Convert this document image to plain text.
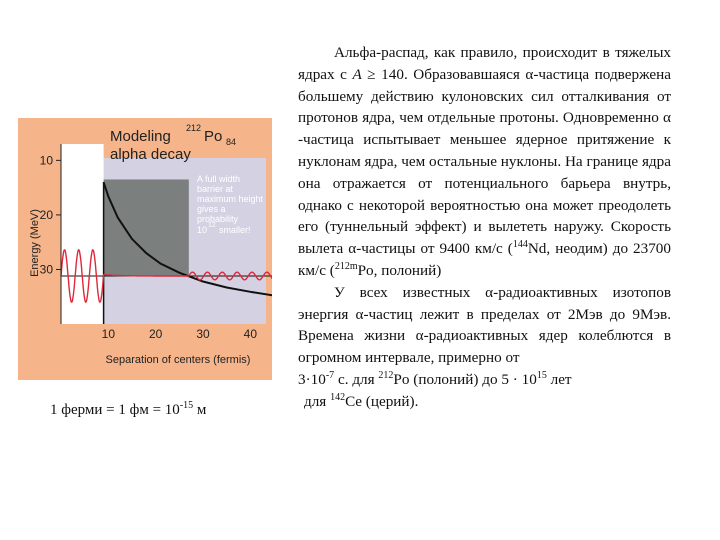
30
20
10
10	20	30	40
Modeling
alpha decay
212 Po 84
A full width
barrier at
maximum height
gives a
probability
10 12 smaller!
Energy (MeV)
Separation of centers (fermis)
1 ферми = 1 фм = $10^{-15}$ м

Альфа-распад, как правило, происходит в тяжелых ядрах с A ≥ 140. Образовавшаяся α-частица подвержена большему действию кулоновских сил отталкивания от протонов ядра, чем отдельные протоны. Одновременно α -частица испытывает меньшее ядерное притяжение к нуклонам ядра, чем остальные нуклоны. На границе ядра она отражается от потенциального барьера внутрь, однако с некоторой вероятностью она может преодолеть его (туннельный эффект) и вылететь наружу. Скорость вылета α-частицы от 9400 км/с ($^{144}$Nd, неодим) до 23700 км/с ($^{212m}$Po, полоний)

У всех известных α-радиоактивных изотопов энергия α-частиц лежит в пределах от 2Мэв до 9Мэв. Времена жизни α-радиоактивных ядер колеблются в огромном интервале, примерно от

$3\cdot 10^{-7}$ с. для $^{212}$Po (полоний) до $5 \cdot 10^{15}$ лет

для $^{142}$Ce (церий).
